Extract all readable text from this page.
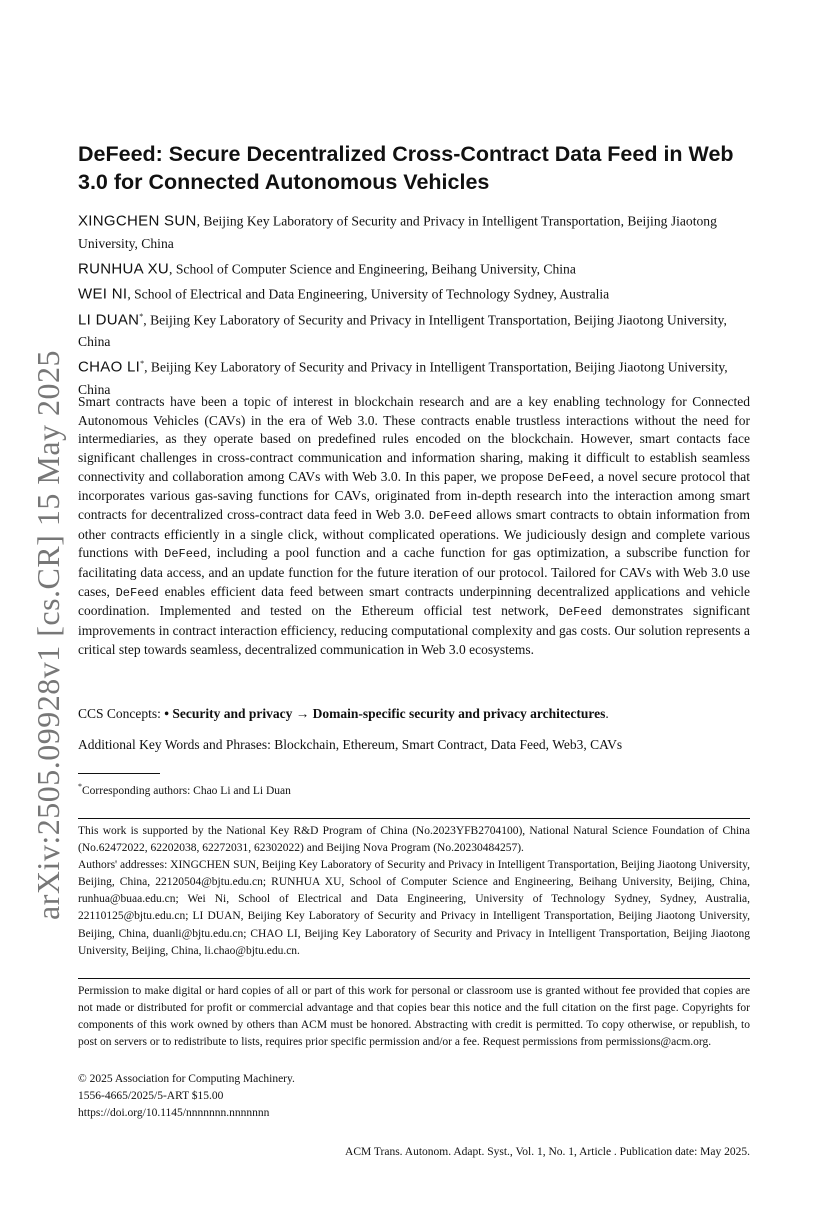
arXiv:2505.09928v1 [cs.CR] 15 May 2025
DeFeed: Secure Decentralized Cross-Contract Data Feed in Web 3.0 for Connected Autonomous Vehicles

XINGCHEN SUN, Beijing Key Laboratory of Security and Privacy in Intelligent Transportation, Beijing Jiaotong University, China

RUNHUA XU, School of Computer Science and Engineering, Beihang University, China

WEI NI, School of Electrical and Data Engineering, University of Technology Sydney, Australia

LI DUAN*, Beijing Key Laboratory of Security and Privacy in Intelligent Transportation, Beijing Jiaotong University, China

CHAO LI*, Beijing Key Laboratory of Security and Privacy in Intelligent Transportation, Beijing Jiaotong University, China

Smart contracts have been a topic of interest in blockchain research and are a key enabling technology for Connected Autonomous Vehicles (CAVs) in the era of Web 3.0. These contracts enable trustless interactions without the need for intermediaries, as they operate based on predefined rules encoded on the blockchain. However, smart contacts face significant challenges in cross-contract communication and information sharing, making it difficult to establish seamless connectivity and collaboration among CAVs with Web 3.0. In this paper, we propose DeFeed, a novel secure protocol that incorporates various gas-saving functions for CAVs, originated from in-depth research into the interaction among smart contracts for decentralized cross-contract data feed in Web 3.0. DeFeed allows smart contracts to obtain information from other contracts efficiently in a single click, without complicated operations. We judiciously design and complete various functions with DeFeed, including a pool function and a cache function for gas optimization, a subscribe function for facilitating data access, and an update function for the future iteration of our protocol. Tailored for CAVs with Web 3.0 use cases, DeFeed enables efficient data feed between smart contracts underpinning decentralized applications and vehicle coordination. Implemented and tested on the Ethereum official test network, DeFeed demonstrates significant improvements in contract interaction efficiency, reducing computational complexity and gas costs. Our solution represents a critical step towards seamless, decentralized communication in Web 3.0 ecosystems.

CCS Concepts: • Security and privacy → Domain-specific security and privacy architectures.

Additional Key Words and Phrases: Blockchain, Ethereum, Smart Contract, Data Feed, Web3, CAVs

*Corresponding authors: Chao Li and Li Duan

This work is supported by the National Key R&D Program of China (No.2023YFB2704100), National Natural Science Foundation of China (No.62472022, 62202038, 62272031, 62302022) and Beijing Nova Program (No.20230484257).
Authors' addresses: XINGCHEN SUN, Beijing Key Laboratory of Security and Privacy in Intelligent Transportation, Beijing Jiaotong University, Beijing, China, 22120504@bjtu.edu.cn; RUNHUA XU, School of Computer Science and Engineering, Beihang University, Beijing, China, runhua@buaa.edu.cn; Wei Ni, School of Electrical and Data Engineering, University of Technology Sydney, Sydney, Australia, 22110125@bjtu.edu.cn; LI DUAN, Beijing Key Laboratory of Security and Privacy in Intelligent Transportation, Beijing Jiaotong University, Beijing, China, duanli@bjtu.edu.cn; CHAO LI, Beijing Key Laboratory of Security and Privacy in Intelligent Transportation, Beijing Jiaotong University, Beijing, China, li.chao@bjtu.edu.cn.

Permission to make digital or hard copies of all or part of this work for personal or classroom use is granted without fee provided that copies are not made or distributed for profit or commercial advantage and that copies bear this notice and the full citation on the first page. Copyrights for components of this work owned by others than ACM must be honored. Abstracting with credit is permitted. To copy otherwise, or republish, to post on servers or to redistribute to lists, requires prior specific permission and/or a fee. Request permissions from permissions@acm.org.

© 2025 Association for Computing Machinery.
1556-4665/2025/5-ART $15.00
https://doi.org/10.1145/nnnnnnn.nnnnnnn
ACM Trans. Autonom. Adapt. Syst., Vol. 1, No. 1, Article . Publication date: May 2025.
